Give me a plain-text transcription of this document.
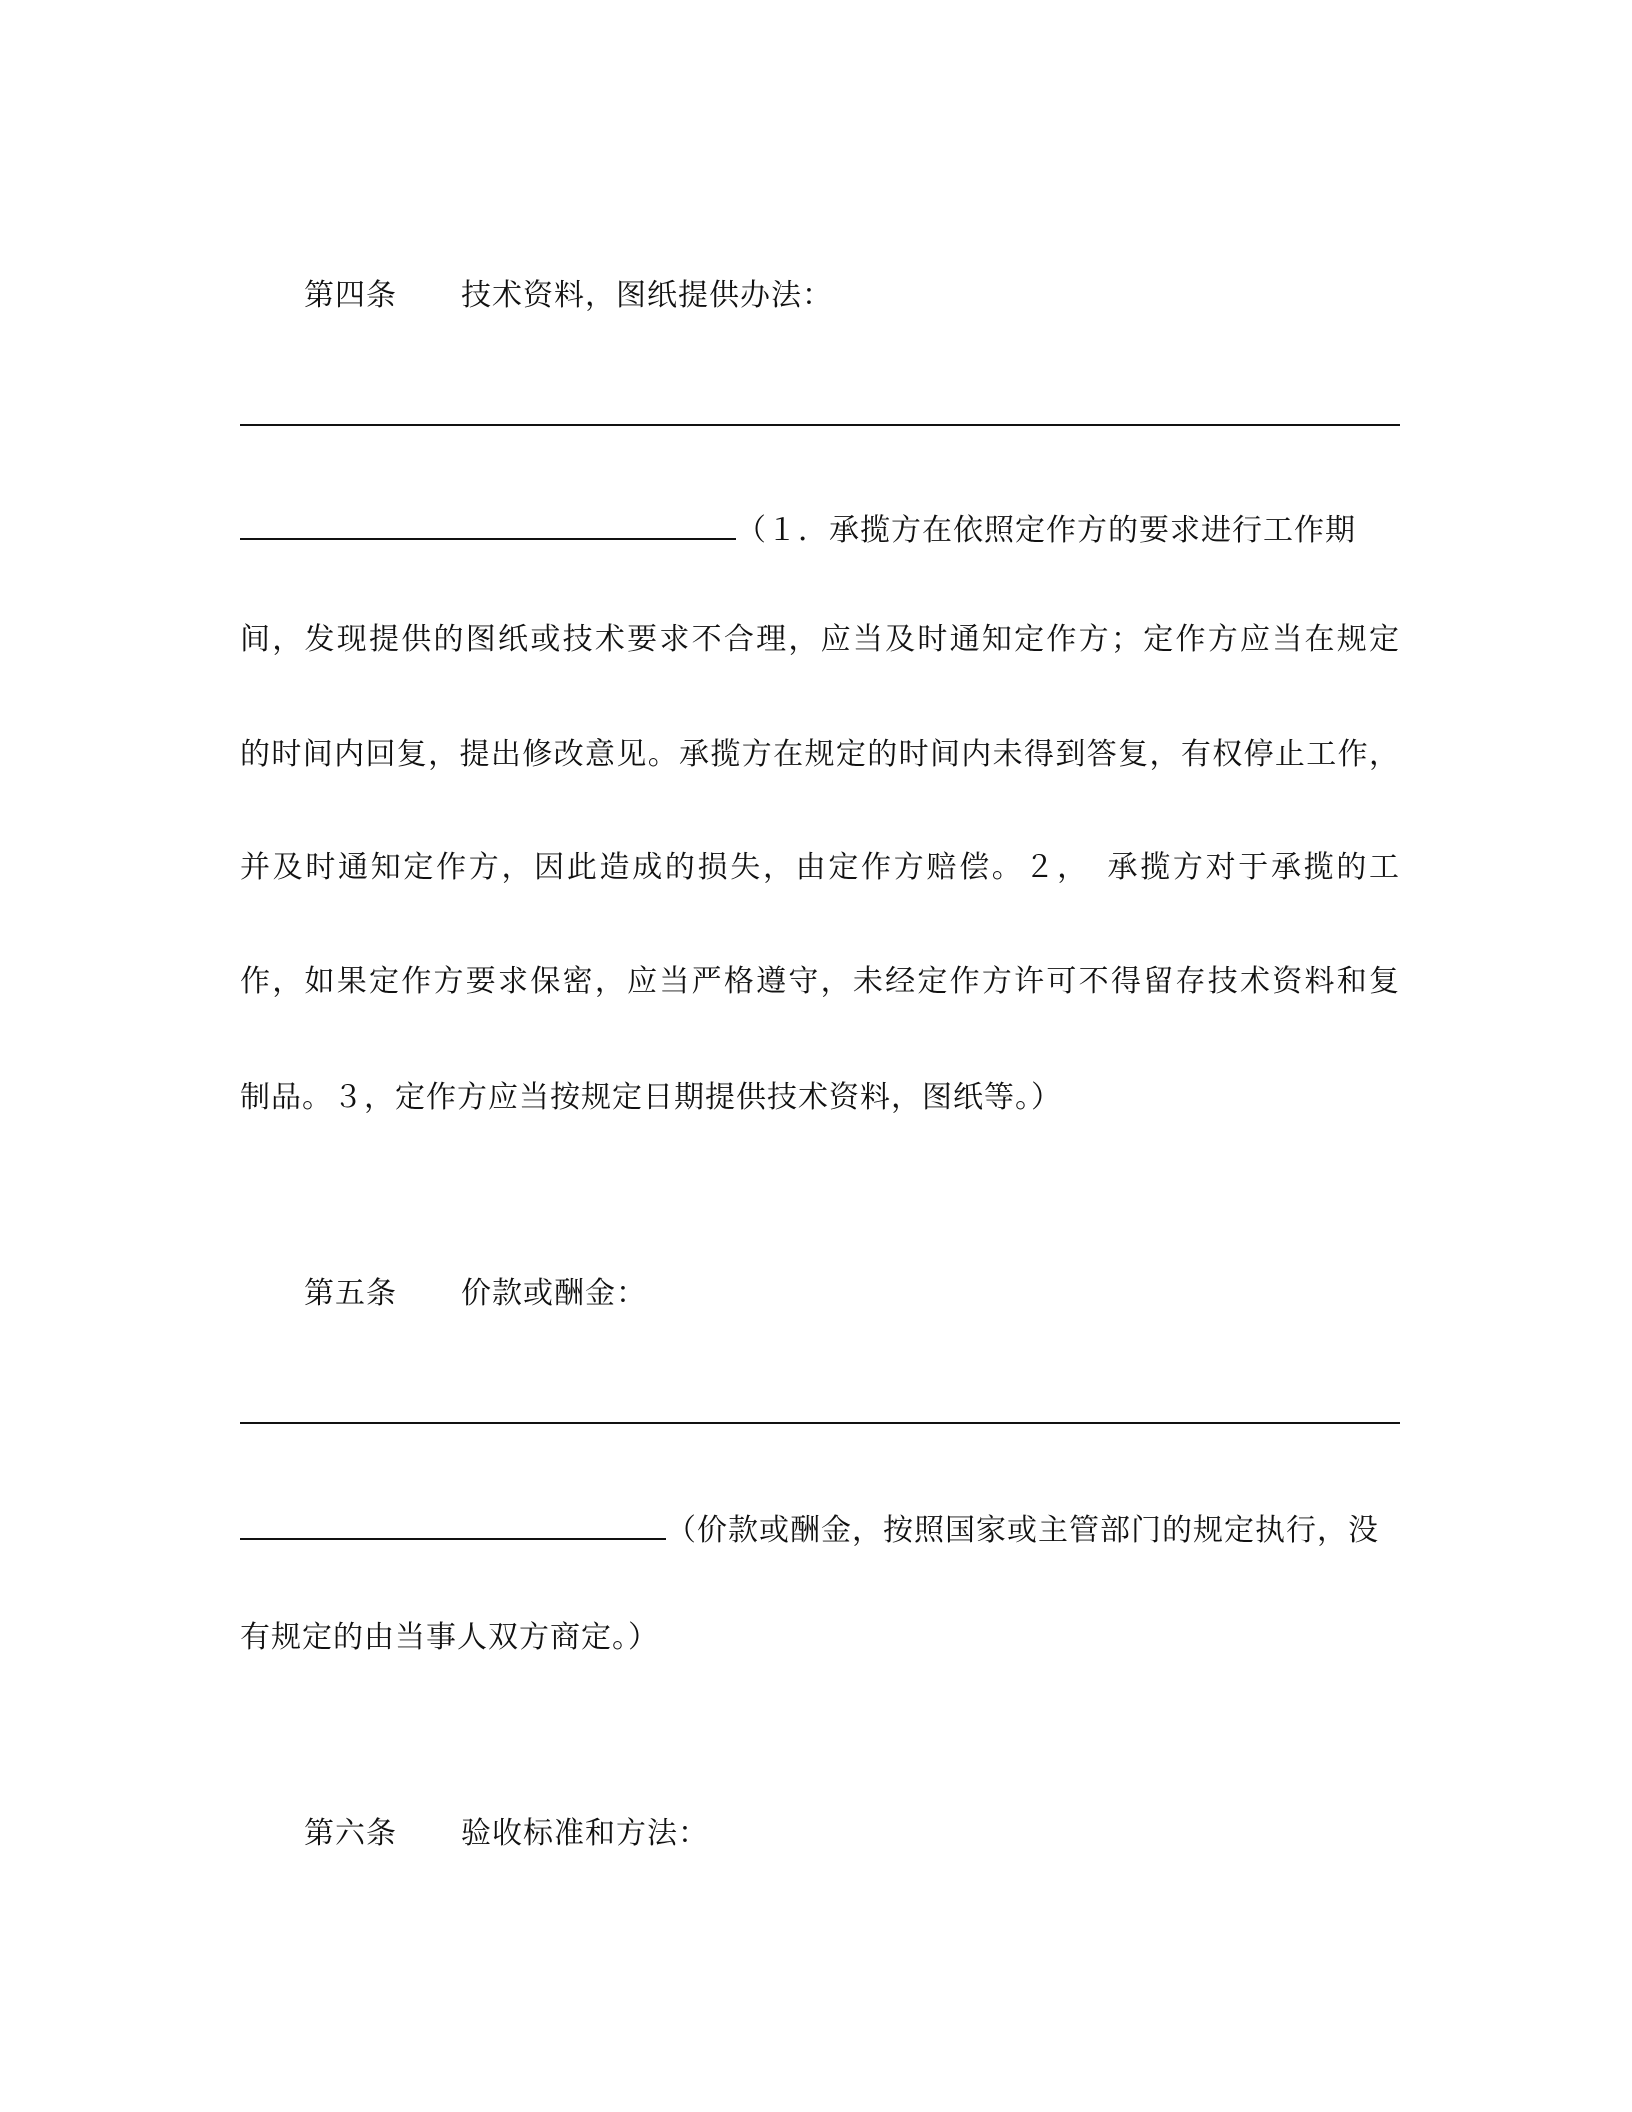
第四条 技术资料，图纸提供办法：
（１．承揽方在依照定作方的要求进行工作期
间，发现提供的图纸或技术要求不合理，应当及时通知定作方；定作方应当在规定
的时间内回复，提出修改意见。承揽方在规定的时间内未得到答复，有权停止工作，
并及时通知定作方，因此造成的损失，由定作方赔偿。２，　承揽方对于承揽的工
作，如果定作方要求保密，应当严格遵守，未经定作方许可不得留存技术资料和复
制品。３，定作方应当按规定日期提供技术资料，图纸等。）
第五条 价款或酬金：
（价款或酬金，按照国家或主管部门的规定执行，没
有规定的由当事人双方商定。）
第六条 验收标准和方法：
